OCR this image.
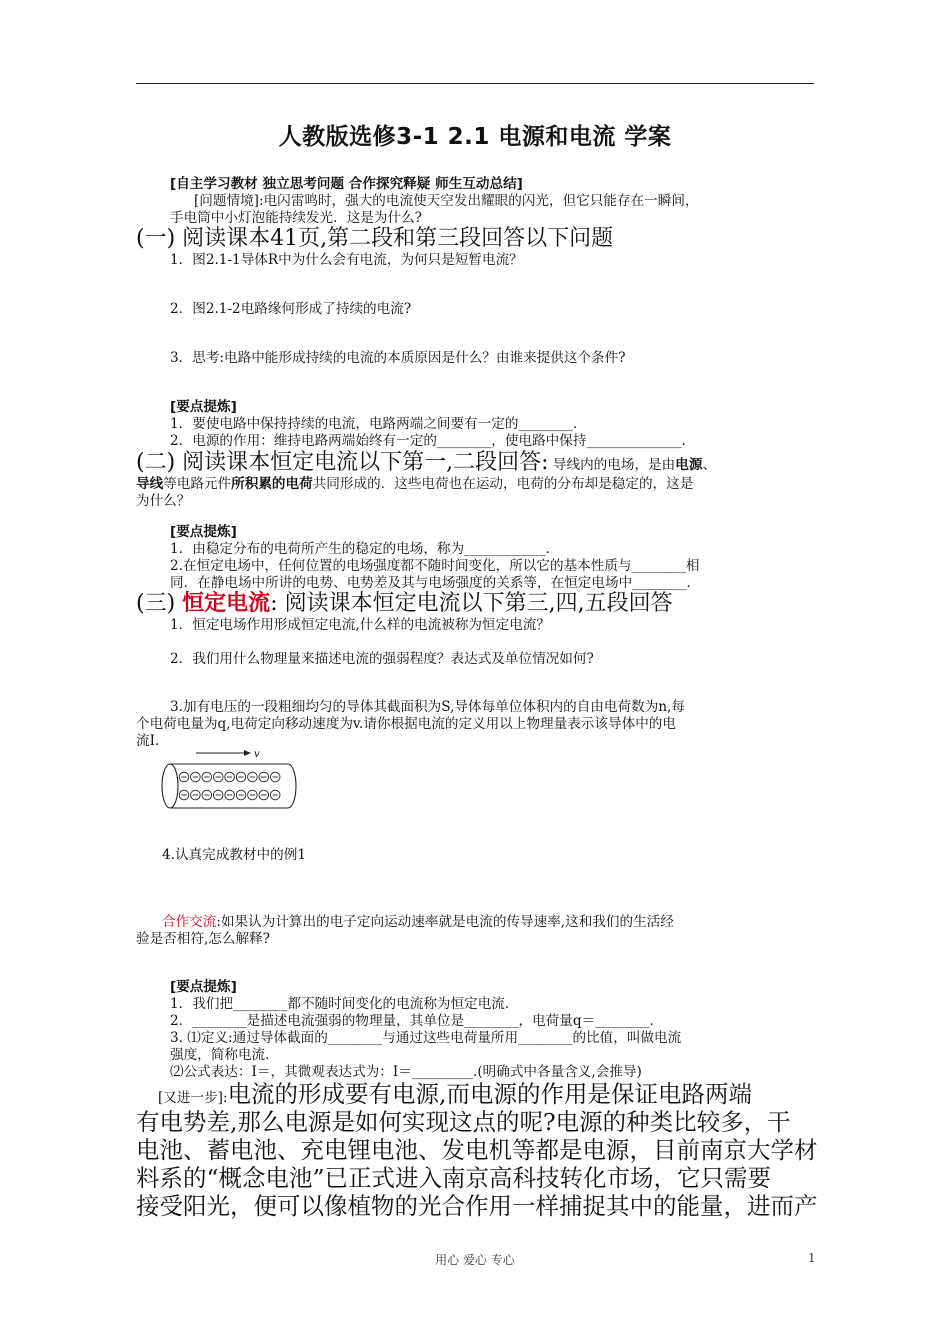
人教版选修3-1 2.1 电源和电流 学案
[自主学习教材 独立思考问题 合作探究释疑 师生互动总结]
[问题情境]:电闪雷鸣时，强大的电流使天空发出耀眼的闪光，但它只能存在一瞬间，
手电筒中小灯泡能持续发光．这是为什么?
(一) 阅读课本41页,第二段和第三段回答以下问题
1．图2.1-1导体R中为什么会有电流，为何只是短暂电流？
2．图2.1-2电路缘何形成了持续的电流?
3．思考:电路中能形成持续的电流的本质原因是什么？由谁来提供这个条件?
[要点提炼]
1．要使电路中保持持续的电流，电路两端之间要有一定的________．
2．电源的作用：维持电路两端始终有一定的________，使电路中保持______________．
(二) 阅读课本恒定电流以下第一,二段回答: 导线内的电场，是由电源、
导线等电路元件所积累的电荷共同形成的．这些电荷也在运动，电荷的分布却是稳定的，这是
为什么？
[要点提炼]
1．由稳定分布的电荷所产生的稳定的电场，称为____________．
2.在恒定电场中，任何位置的电场强度都不随时间变化，所以它的基本性质与________相
同．在静电场中所讲的电势、电势差及其与电场强度的关系等，在恒定电场中________．
(三) 恒定电流: 阅读课本恒定电流以下第三,四,五段回答
1．恒定电场作用形成恒定电流,什么样的电流被称为恒定电流？
2．我们用什么物理量来描述电流的强弱程度？表达式及单位情况如何?
3.加有电压的一段粗细均匀的导体其截面积为S,导体每单位体积内的自由电荷数为n,每
个电荷电量为q,电荷定向移动速度为v.请你根据电流的定义用以上物理量表示该导体中的电
流I.
v
4.认真完成教材中的例1
合作交流:如果认为计算出的电子定向运动速率就是电流的传导速率,这和我们的生活经
验是否相符,怎么解释?
[要点提炼]
1．我们把________都不随时间变化的电流称为恒定电流．
2．________是描述电流强弱的物理量，其单位是________，电荷量q＝________．
3. ⑴定义:通过导体截面的________与通过这些电荷量所用________的比值，叫做电流
强度，简称电流.
⑵公式表达：I＝，其微观表达式为：I＝_________.(明确式中各量含义,会推导)
[又进一步]:电流的形成要有电源,而电源的作用是保证电路两端
有电势差,那么电源是如何实现这点的呢?电源的种类比较多，干
电池、蓄电池、充电锂电池、发电机等都是电源，目前南京大学材
料系的“概念电池”已正式进入南京高科技转化市场，它只需要
接受阳光，便可以像植物的光合作用一样捕捉其中的能量，进而产
用心 爱心 专心	1
